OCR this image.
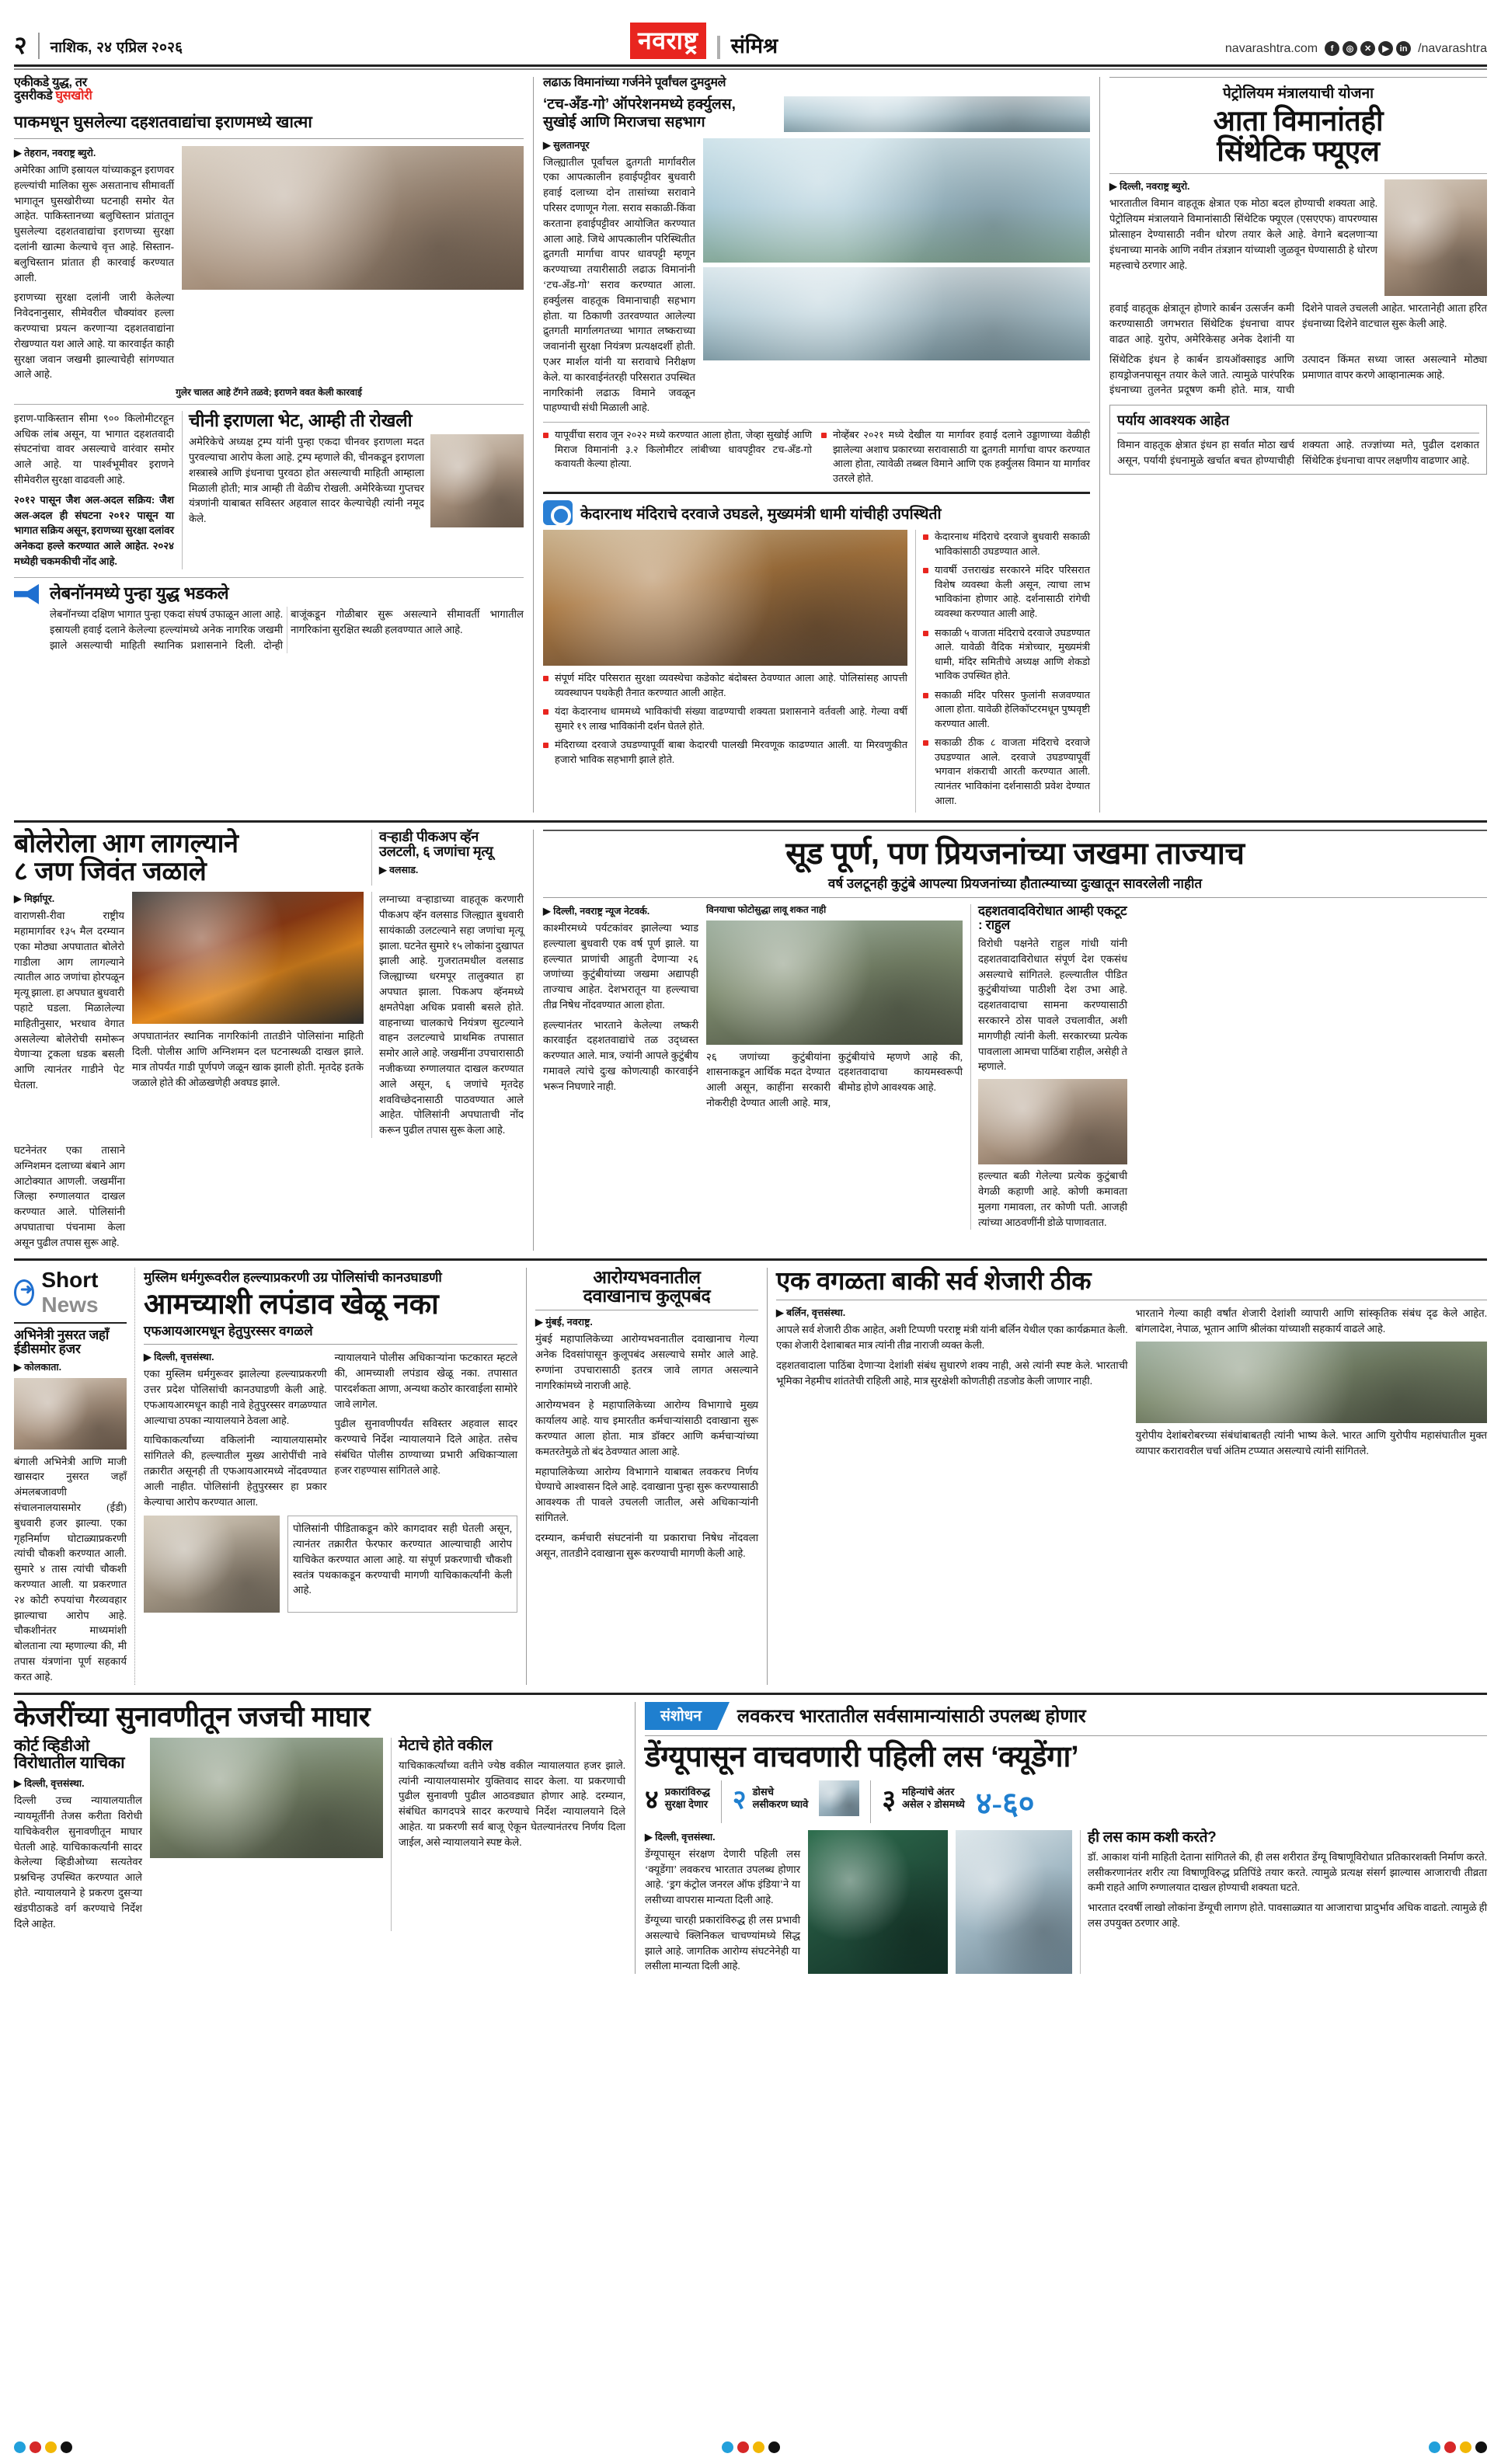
२ नाशिक, २४ एप्रिल २०२६	नवराष्ट्र	संमिश्र	navarashtra.com	f	◎	✕	▶	in /navarashtra
एकीकडे युद्ध, तर
दुसरीकडे घुसखोरी
पाकमधून घुसलेल्या दहशतवाद्यांचा इराणमध्ये खात्मा
▶ तेहरान, नवराष्ट्र ब्युरो.
अमेरिका आणि इस्रायल यांच्याकडून इराणवर हल्ल्यांची मालिका सुरू असतानाच सीमावर्ती भागातून घुसखोरीच्या घटनाही समोर येत आहेत. पाकिस्तानच्या बलुचिस्तान प्रांतातून घुसलेल्या दहशतवाद्यांचा इराणच्या सुरक्षा दलांनी खात्मा केल्याचे वृत्त आहे. सिस्तान-बलुचिस्तान प्रांतात ही कारवाई करण्यात आली.
इराणच्या सुरक्षा दलांनी जारी केलेल्या निवेदनानुसार, सीमेवरील चौक्यांवर हल्ला करण्याचा प्रयत्न करणाऱ्या दहशतवाद्यांना रोखण्यात यश आले आहे. या कारवाईत काही सुरक्षा जवान जखमी झाल्याचेही सांगण्यात आले आहे.
गुलेर चालत आहे टॅगने तळवे; इराणने ववत केली कारवाई
इराण-पाकिस्तान सीमा ९०० किलोमीटरहून अधिक लांब असून, या भागात दहशतवादी संघटनांचा वावर असल्याचे वारंवार समोर आले आहे. या पार्श्वभूमीवर इराणने सीमेवरील सुरक्षा वाढवली आहे.
२०१२ पासून जैश अल-अदल सक्रिय: जैश अल-अदल ही संघटना २०१२ पासून या भागात सक्रिय असून, इराणच्या सुरक्षा दलांवर अनेकदा हल्ले करण्यात आले आहेत. २०२४ मध्येही चकमकीची नोंद आहे.
चीनी इराणला भेट, आम्ही ती रोखली
अमेरिकेचे अध्यक्ष ट्रम्प यांनी पुन्हा एकदा चीनवर इराणला मदत पुरवल्याचा आरोप केला आहे. ट्रम्प म्हणाले की, चीनकडून इराणला शस्त्रास्त्रे आणि इंधनाचा पुरवठा होत असल्याची माहिती आम्हाला मिळाली होती; मात्र आम्ही ती वेळीच रोखली. अमेरिकेच्या गुप्तचर यंत्रणांनी याबाबत सविस्तर अहवाल सादर केल्याचेही त्यांनी नमूद केले.
लेबनॉनमध्ये पुन्हा युद्ध भडकले
लेबनॉनच्या दक्षिण भागात पुन्हा एकदा संघर्ष उफाळून आला आहे. इस्रायली हवाई दलाने केलेल्या हल्ल्यांमध्ये अनेक नागरिक जखमी झाले असल्याची माहिती स्थानिक प्रशासनाने दिली. दोन्ही बाजूंकडून गोळीबार सुरू असल्याने सीमावर्ती भागातील नागरिकांना सुरक्षित स्थळी हलवण्यात आले आहे.
लढाऊ विमानांच्या गर्जनेने पूर्वांचल दुमदुमले
‘टच-अँड-गो’ ऑपरेशनमध्ये हर्क्युलस,
सुखोई आणि मिराजचा सहभाग
▶ सुलतानपूर
जिल्ह्यातील पूर्वांचल द्रुतगती मार्गावरील एका आपत्कालीन हवाईपट्टीवर बुधवारी हवाई दलाच्या दोन तासांच्या सरावाने परिसर दणाणून गेला. सराव सकाळी-किंवा करताना हवाईपट्टीवर आयोजित करण्यात आला आहे. जिथे आपत्कालीन परिस्थितीत द्रुतगती मार्गाचा वापर धावपट्टी म्हणून करण्याच्या तयारीसाठी लढाऊ विमानांनी ‘टच-अँड-गो’ सराव करण्यात आला. हर्क्युलस वाहतूक विमानाचाही सहभाग होता. या ठिकाणी उतरवण्यात आलेल्या द्रुतगती मार्गालगतच्या भागात लष्कराच्या जवानांनी सुरक्षा नियंत्रण प्रत्यक्षदर्शी होती. एअर मार्शल यांनी या सरावाचे निरीक्षण केले. या कारवाईनंतरही परिसरात उपस्थित नागरिकांनी लढाऊ विमाने जवळून पाहण्याची संधी मिळाली आहे.
यापूर्वीचा सराव जून २०२२ मध्ये करण्यात आला होता, जेव्हा सुखोई आणि मिराज विमानांनी ३.२ किलोमीटर लांबीच्या धावपट्टीवर टच-अँड-गो कवायती केल्या होत्या.
नोव्हेंबर २०२१ मध्ये देखील या मार्गावर हवाई दलाने उड्डाणाच्या वेळीही झालेल्या अशाच प्रकारच्या सरावासाठी या द्रुतगती मार्गाचा वापर करण्यात आला होता, त्यावेळी तब्बल विमाने आणि एक हर्क्युलस विमान या मार्गावर उतरले होते.
केदारनाथ मंदिराचे दरवाजे उघडले, मुख्यमंत्री धामी यांचीही उपस्थिती
संपूर्ण मंदिर परिसरात सुरक्षा व्यवस्थेचा कडेकोट बंदोबस्त ठेवण्यात आला आहे. पोलिसांसह आपत्ती व्यवस्थापन पथकेही तैनात करण्यात आली आहेत.
यंदा केदारनाथ धाममध्ये भाविकांची संख्या वाढण्याची शक्यता प्रशासनाने वर्तवली आहे. गेल्या वर्षी सुमारे १९ लाख भाविकांनी दर्शन घेतले होते.
मंदिराच्या दरवाजे उघडण्यापूर्वी बाबा केदारची पालखी मिरवणूक काढण्यात आली. या मिरवणुकीत हजारो भाविक सहभागी झाले होते.
केदारनाथ मंदिराचे दरवाजे बुधवारी सकाळी भाविकांसाठी उघडण्यात आले.
यावर्षी उत्तराखंड सरकारने मंदिर परिसरात विशेष व्यवस्था केली असून, त्याचा लाभ भाविकांना होणार आहे. दर्शनासाठी रांगेची व्यवस्था करण्यात आली आहे.
सकाळी ५ वाजता मंदिराचे दरवाजे उघडण्यात आले. यावेळी वैदिक मंत्रोच्चार, मुख्यमंत्री धामी, मंदिर समितीचे अध्यक्ष आणि शेकडो भाविक उपस्थित होते.
सकाळी मंदिर परिसर फुलांनी सजवण्यात आला होता. यावेळी हेलिकॉप्टरमधून पुष्पवृष्टी करण्यात आली.
सकाळी ठीक ८ वाजता मंदिराचे दरवाजे उघडण्यात आले. दरवाजे उघडण्यापूर्वी भगवान शंकराची आरती करण्यात आली. त्यानंतर भाविकांना दर्शनासाठी प्रवेश देण्यात आला.
पेट्रोलियम मंत्रालयाची योजना
आता विमानांतही
सिंथेटिक फ्यूएल
▶ दिल्ली, नवराष्ट्र ब्युरो.
भारतातील विमान वाहतूक क्षेत्रात एक मोठा बदल होण्याची शक्यता आहे. पेट्रोलियम मंत्रालयाने विमानांसाठी सिंथेटिक फ्यूएल (एसएएफ) वापरण्यास प्रोत्साहन देण्यासाठी नवीन धोरण तयार केले आहे. वेगाने बदलणाऱ्या इंधनाच्या मानके आणि नवीन तंत्रज्ञान यांच्याशी जुळवून घेण्यासाठी हे धोरण महत्त्वाचे ठरणार आहे.
हवाई वाहतूक क्षेत्रातून होणारे कार्बन उत्सर्जन कमी करण्यासाठी जगभरात सिंथेटिक इंधनाचा वापर वाढत आहे. युरोप, अमेरिकेसह अनेक देशांनी या दिशेने पावले उचलली आहेत. भारतानेही आता हरित इंधनाच्या दिशेने वाटचाल सुरू केली आहे.
सिंथेटिक इंधन हे कार्बन डायऑक्साइड आणि हायड्रोजनपासून तयार केले जाते. त्यामुळे पारंपरिक इंधनाच्या तुलनेत प्रदूषण कमी होते. मात्र, याची उत्पादन किंमत सध्या जास्त असल्याने मोठ्या प्रमाणात वापर करणे आव्हानात्मक आहे.
पर्याय आवश्यक आहेत
विमान वाहतूक क्षेत्रात इंधन हा सर्वात मोठा खर्च असून, पर्यायी इंधनामुळे खर्चात बचत होण्याचीही शक्यता आहे. तज्ज्ञांच्या मते, पुढील दशकात सिंथेटिक इंधनाचा वापर लक्षणीय वाढणार आहे.
बोलेरोला आग लागल्याने
८ जण जिवंत जळाले
वऱ्हाडी पीकअप व्हॅन
उलटली, ६ जणांचा मृत्यू
▶ वलसाड.
▶ मिर्झापूर.
वाराणसी-रीवा राष्ट्रीय महामार्गावर १३५ मैल दरम्यान एका मोठ्या अपघातात बोलेरो गाडीला आग लागल्याने त्यातील आठ जणांचा होरपळून मृत्यू झाला. हा अपघात बुधवारी पहाटे घडला. मिळालेल्या माहितीनुसार, भरधाव वेगात असलेल्या बोलेरोची समोरून येणाऱ्या ट्रकला धडक बसली आणि त्यानंतर गाडीने पेट घेतला.
अपघातानंतर स्थानिक नागरिकांनी तातडीने पोलिसांना माहिती दिली. पोलीस आणि अग्निशमन दल घटनास्थळी दाखल झाले. मात्र तोपर्यंत गाडी पूर्णपणे जळून खाक झाली होती. मृतदेह इतके जळाले होते की ओळखणेही अवघड झाले.
लग्नाच्या वऱ्हाडाच्या वाहतूक करणारी पीकअप व्हॅन वलसाड जिल्ह्यात बुधवारी सायंकाळी उलटल्याने सहा जणांचा मृत्यू झाला. घटनेत सुमारे १५ लोकांना दुखापत झाली आहे. गुजरातमधील वलसाड जिल्ह्याच्या धरमपूर तालुक्यात हा अपघात झाला. पिकअप व्हॅनमध्ये क्षमतेपेक्षा अधिक प्रवासी बसले होते. वाहनाच्या चालकाचे नियंत्रण सुटल्याने वाहन उलटल्याचे प्राथमिक तपासात समोर आले आहे. जखमींना उपचारासाठी नजीकच्या रुग्णालयात दाखल करण्यात आले असून, ६ जणांचे मृतदेह शवविच्छेदनासाठी पाठवण्यात आले आहेत. पोलिसांनी अपघाताची नोंद करून पुढील तपास सुरू केला आहे.
घटनेनंतर एका तासाने अग्निशमन दलाच्या बंबाने आग आटोक्यात आणली. जखमींना जिल्हा रुग्णालयात दाखल करण्यात आले. पोलिसांनी अपघाताचा पंचनामा केला असून पुढील तपास सुरू आहे.
सूड पूर्ण, पण प्रियजनांच्या जखमा ताज्याच
वर्ष उलटूनही कुटुंबे आपल्या प्रियजनांच्या हौतात्म्याच्या दुःखातून सावरलेली नाहीत
▶ दिल्ली, नवराष्ट्र न्यूज नेटवर्क.
काश्मीरमध्ये पर्यटकांवर झालेल्या भ्याड हल्ल्याला बुधवारी एक वर्ष पूर्ण झाले. या हल्ल्यात प्राणांची आहुती देणाऱ्या २६ जणांच्या कुटुंबीयांच्या जखमा अद्यापही ताज्याच आहेत. देशभरातून या हल्ल्याचा तीव्र निषेध नोंदवण्यात आला होता.
हल्ल्यानंतर भारताने केलेल्या लष्करी कारवाईत दहशतवाद्यांचे तळ उद्ध्वस्त करण्यात आले. मात्र, ज्यांनी आपले कुटुंबीय गमावले त्यांचे दुःख कोणत्याही कारवाईने भरून निघणारे नाही.
विनयाचा फोटोसुद्धा लावू शकत नाही
२६ जणांच्या कुटुंबीयांना शासनाकडून आर्थिक मदत देण्यात आली असून, काहींना सरकारी नोकरीही देण्यात आली आहे. मात्र, कुटुंबीयांचे म्हणणे आहे की, दहशतवादाचा कायमस्वरूपी बीमोड होणे आवश्यक आहे.
दहशतवादविरोधात आम्ही एकटूट : राहुल
विरोधी पक्षनेते राहुल गांधी यांनी दहशतवादाविरोधात संपूर्ण देश एकसंध असल्याचे सांगितले. हल्ल्यातील पीडित कुटुंबीयांच्या पाठीशी देश उभा आहे. दहशतवादाचा सामना करण्यासाठी सरकारने ठोस पावले उचलावीत, अशी मागणीही त्यांनी केली. सरकारच्या प्रत्येक पावलाला आमचा पाठिंबा राहील, असेही ते म्हणाले.
हल्ल्यात बळी गेलेल्या प्रत्येक कुटुंबाची वेगळी कहाणी आहे. कोणी कमावता मुलगा गमावला, तर कोणी पती. आजही त्यांच्या आठवणींनी डोळे पाणावतात.
➜
Short News
अभिनेत्री नुसरत जहाँ
ईडीसमोर हजर
▶ कोलकाता.
बंगाली अभिनेत्री आणि माजी खासदार नुसरत जहाँ अंमलबजावणी संचालनालयासमोर (ईडी) बुधवारी हजर झाल्या. एका गृहनिर्माण घोटाळ्याप्रकरणी त्यांची चौकशी करण्यात आली. सुमारे ४ तास त्यांची चौकशी करण्यात आली. या प्रकरणात २४ कोटी रुपयांचा गैरव्यवहार झाल्याचा आरोप आहे. चौकशीनंतर माध्यमांशी बोलताना त्या म्हणाल्या की, मी तपास यंत्रणांना पूर्ण सहकार्य करत आहे.
मुस्लिम धर्मगुरूवरील हल्ल्याप्रकरणी उग्र पोलिसांची कानउघाडणी
आमच्याशी लपंडाव खेळू नका
एफआयआरमधून हेतुपुरस्सर वगळले
▶ दिल्ली, वृत्तसंस्था.
एका मुस्लिम धर्मगुरूवर झालेल्या हल्ल्याप्रकरणी उत्तर प्रदेश पोलिसांची कानउघाडणी केली आहे. एफआयआरमधून काही नावे हेतुपुरस्सर वगळण्यात आल्याचा ठपका न्यायालयाने ठेवला आहे.
याचिकाकर्त्यांच्या वकिलांनी न्यायालयासमोर सांगितले की, हल्ल्यातील मुख्य आरोपींची नावे तक्रारीत असूनही ती एफआयआरमध्ये नोंदवण्यात आली नाहीत. पोलिसांनी हेतुपुरस्सर हा प्रकार केल्याचा आरोप करण्यात आला.
न्यायालयाने पोलीस अधिकाऱ्यांना फटकारत म्हटले की, आमच्याशी लपंडाव खेळू नका. तपासात पारदर्शकता आणा, अन्यथा कठोर कारवाईला सामोरे जावे लागेल.
पुढील सुनावणीपर्यंत सविस्तर अहवाल सादर करण्याचे निर्देश न्यायालयाने दिले आहेत. तसेच संबंधित पोलीस ठाण्याच्या प्रभारी अधिकाऱ्याला हजर राहण्यास सांगितले आहे.
पोलिसांनी पीडिताकडून कोरे कागदावर सही घेतली असून, त्यानंतर तक्रारीत फेरफार करण्यात आल्याचाही आरोप याचिकेत करण्यात आला आहे. या संपूर्ण प्रकरणाची चौकशी स्वतंत्र पथकाकडून करण्याची मागणी याचिकाकर्त्यांनी केली आहे.
आरोग्यभवनातील
दवाखानाच कुलूपबंद
▶ मुंबई, नवराष्ट्र.
मुंबई महापालिकेच्या आरोग्यभवनातील दवाखानाच गेल्या अनेक दिवसांपासून कुलूपबंद असल्याचे समोर आले आहे. रुग्णांना उपचारासाठी इतरत्र जावे लागत असल्याने नागरिकांमध्ये नाराजी आहे.
आरोग्यभवन हे महापालिकेच्या आरोग्य विभागाचे मुख्य कार्यालय आहे. याच इमारतीत कर्मचाऱ्यांसाठी दवाखाना सुरू करण्यात आला होता. मात्र डॉक्टर आणि कर्मचाऱ्यांच्या कमतरतेमुळे तो बंद ठेवण्यात आला आहे.
महापालिकेच्या आरोग्य विभागाने याबाबत लवकरच निर्णय घेण्याचे आश्वासन दिले आहे. दवाखाना पुन्हा सुरू करण्यासाठी आवश्यक ती पावले उचलली जातील, असे अधिकाऱ्यांनी सांगितले.
दरम्यान, कर्मचारी संघटनांनी या प्रकाराचा निषेध नोंदवला असून, तातडीने दवाखाना सुरू करण्याची मागणी केली आहे.
एक वगळता बाकी सर्व शेजारी ठीक
▶ बर्लिन, वृत्तसंस्था.
आपले सर्व शेजारी ठीक आहेत, अशी टिप्पणी परराष्ट्र मंत्री यांनी बर्लिन येथील एका कार्यक्रमात केली. एका शेजारी देशाबाबत मात्र त्यांनी तीव्र नाराजी व्यक्त केली.
दहशतवादाला पाठिंबा देणाऱ्या देशांशी संबंध सुधारणे शक्य नाही, असे त्यांनी स्पष्ट केले. भारताची भूमिका नेहमीच शांततेची राहिली आहे, मात्र सुरक्षेशी कोणतीही तडजोड केली जाणार नाही.
भारताने गेल्या काही वर्षांत शेजारी देशांशी व्यापारी आणि सांस्कृतिक संबंध दृढ केले आहेत. बांगलादेश, नेपाळ, भूतान आणि श्रीलंका यांच्याशी सहकार्य वाढले आहे.
युरोपीय देशांबरोबरच्या संबंधांबाबतही त्यांनी भाष्य केले. भारत आणि युरोपीय महासंघातील मुक्त व्यापार करारावरील चर्चा अंतिम टप्प्यात असल्याचे त्यांनी सांगितले.
केजरींच्या सुनावणीतून जजची माघार
कोर्ट व्हिडीओ
विरोधातील याचिका
▶ दिल्ली, वृत्तसंस्था.
दिल्ली उच्च न्यायालयातील न्यायमूर्तींनी तेजस करीता विरोधी याचिकेवरील सुनावणीतून माघार घेतली आहे. याचिकाकर्त्यांनी सादर केलेल्या व्हिडीओच्या सत्यतेवर प्रश्नचिन्ह उपस्थित करण्यात आले होते. न्यायालयाने हे प्रकरण दुसऱ्या खंडपीठाकडे वर्ग करण्याचे निर्देश दिले आहेत.
मेटाचे होते वकील
याचिकाकर्त्यांच्या वतीने ज्येष्ठ वकील न्यायालयात हजर झाले. त्यांनी न्यायालयासमोर युक्तिवाद सादर केला. या प्रकरणाची पुढील सुनावणी पुढील आठवड्यात होणार आहे. दरम्यान, संबंधित कागदपत्रे सादर करण्याचे निर्देश न्यायालयाने दिले आहेत. या प्रकरणी सर्व बाजू ऐकून घेतल्यानंतरच निर्णय दिला जाईल, असे न्यायालयाने स्पष्ट केले.
संशोधन	लवकरच भारतातील सर्वसामान्यांसाठी उपलब्ध होणार
डेंग्यूपासून वाचवणारी पहिली लस ‘क्यूडेंगा’
४ प्रकारांविरुद्ध
सुरक्षा देणार २ डोसचे
लसीकरण घ्यावे	३ महिन्यांचे अंतर
असेल २ डोसमध्ये ४-६०
▶ दिल्ली, वृत्तसंस्था.
डेंग्यूपासून संरक्षण देणारी पहिली लस ‘क्यूडेंगा’ लवकरच भारतात उपलब्ध होणार आहे. ‘ड्रग कंट्रोल जनरल ऑफ इंडिया’ने या लसीच्या वापरास मान्यता दिली आहे.
डेंग्यूच्या चारही प्रकारांविरुद्ध ही लस प्रभावी असल्याचे क्लिनिकल चाचण्यांमध्ये सिद्ध झाले आहे. जागतिक आरोग्य संघटनेनेही या लसीला मान्यता दिली आहे.
ही लस काम कशी करते?
डॉ. आकाश यांनी माहिती देताना सांगितले की, ही लस शरीरात डेंग्यू विषाणूविरोधात प्रतिकारशक्ती निर्माण करते. लसीकरणानंतर शरीर त्या विषाणूविरुद्ध प्रतिपिंडे तयार करते. त्यामुळे प्रत्यक्ष संसर्ग झाल्यास आजाराची तीव्रता कमी राहते आणि रुग्णालयात दाखल होण्याची शक्यता घटते.
भारतात दरवर्षी लाखो लोकांना डेंग्यूची लागण होते. पावसाळ्यात या आजाराचा प्रादुर्भाव अधिक वाढतो. त्यामुळे ही लस उपयुक्त ठरणार आहे.
